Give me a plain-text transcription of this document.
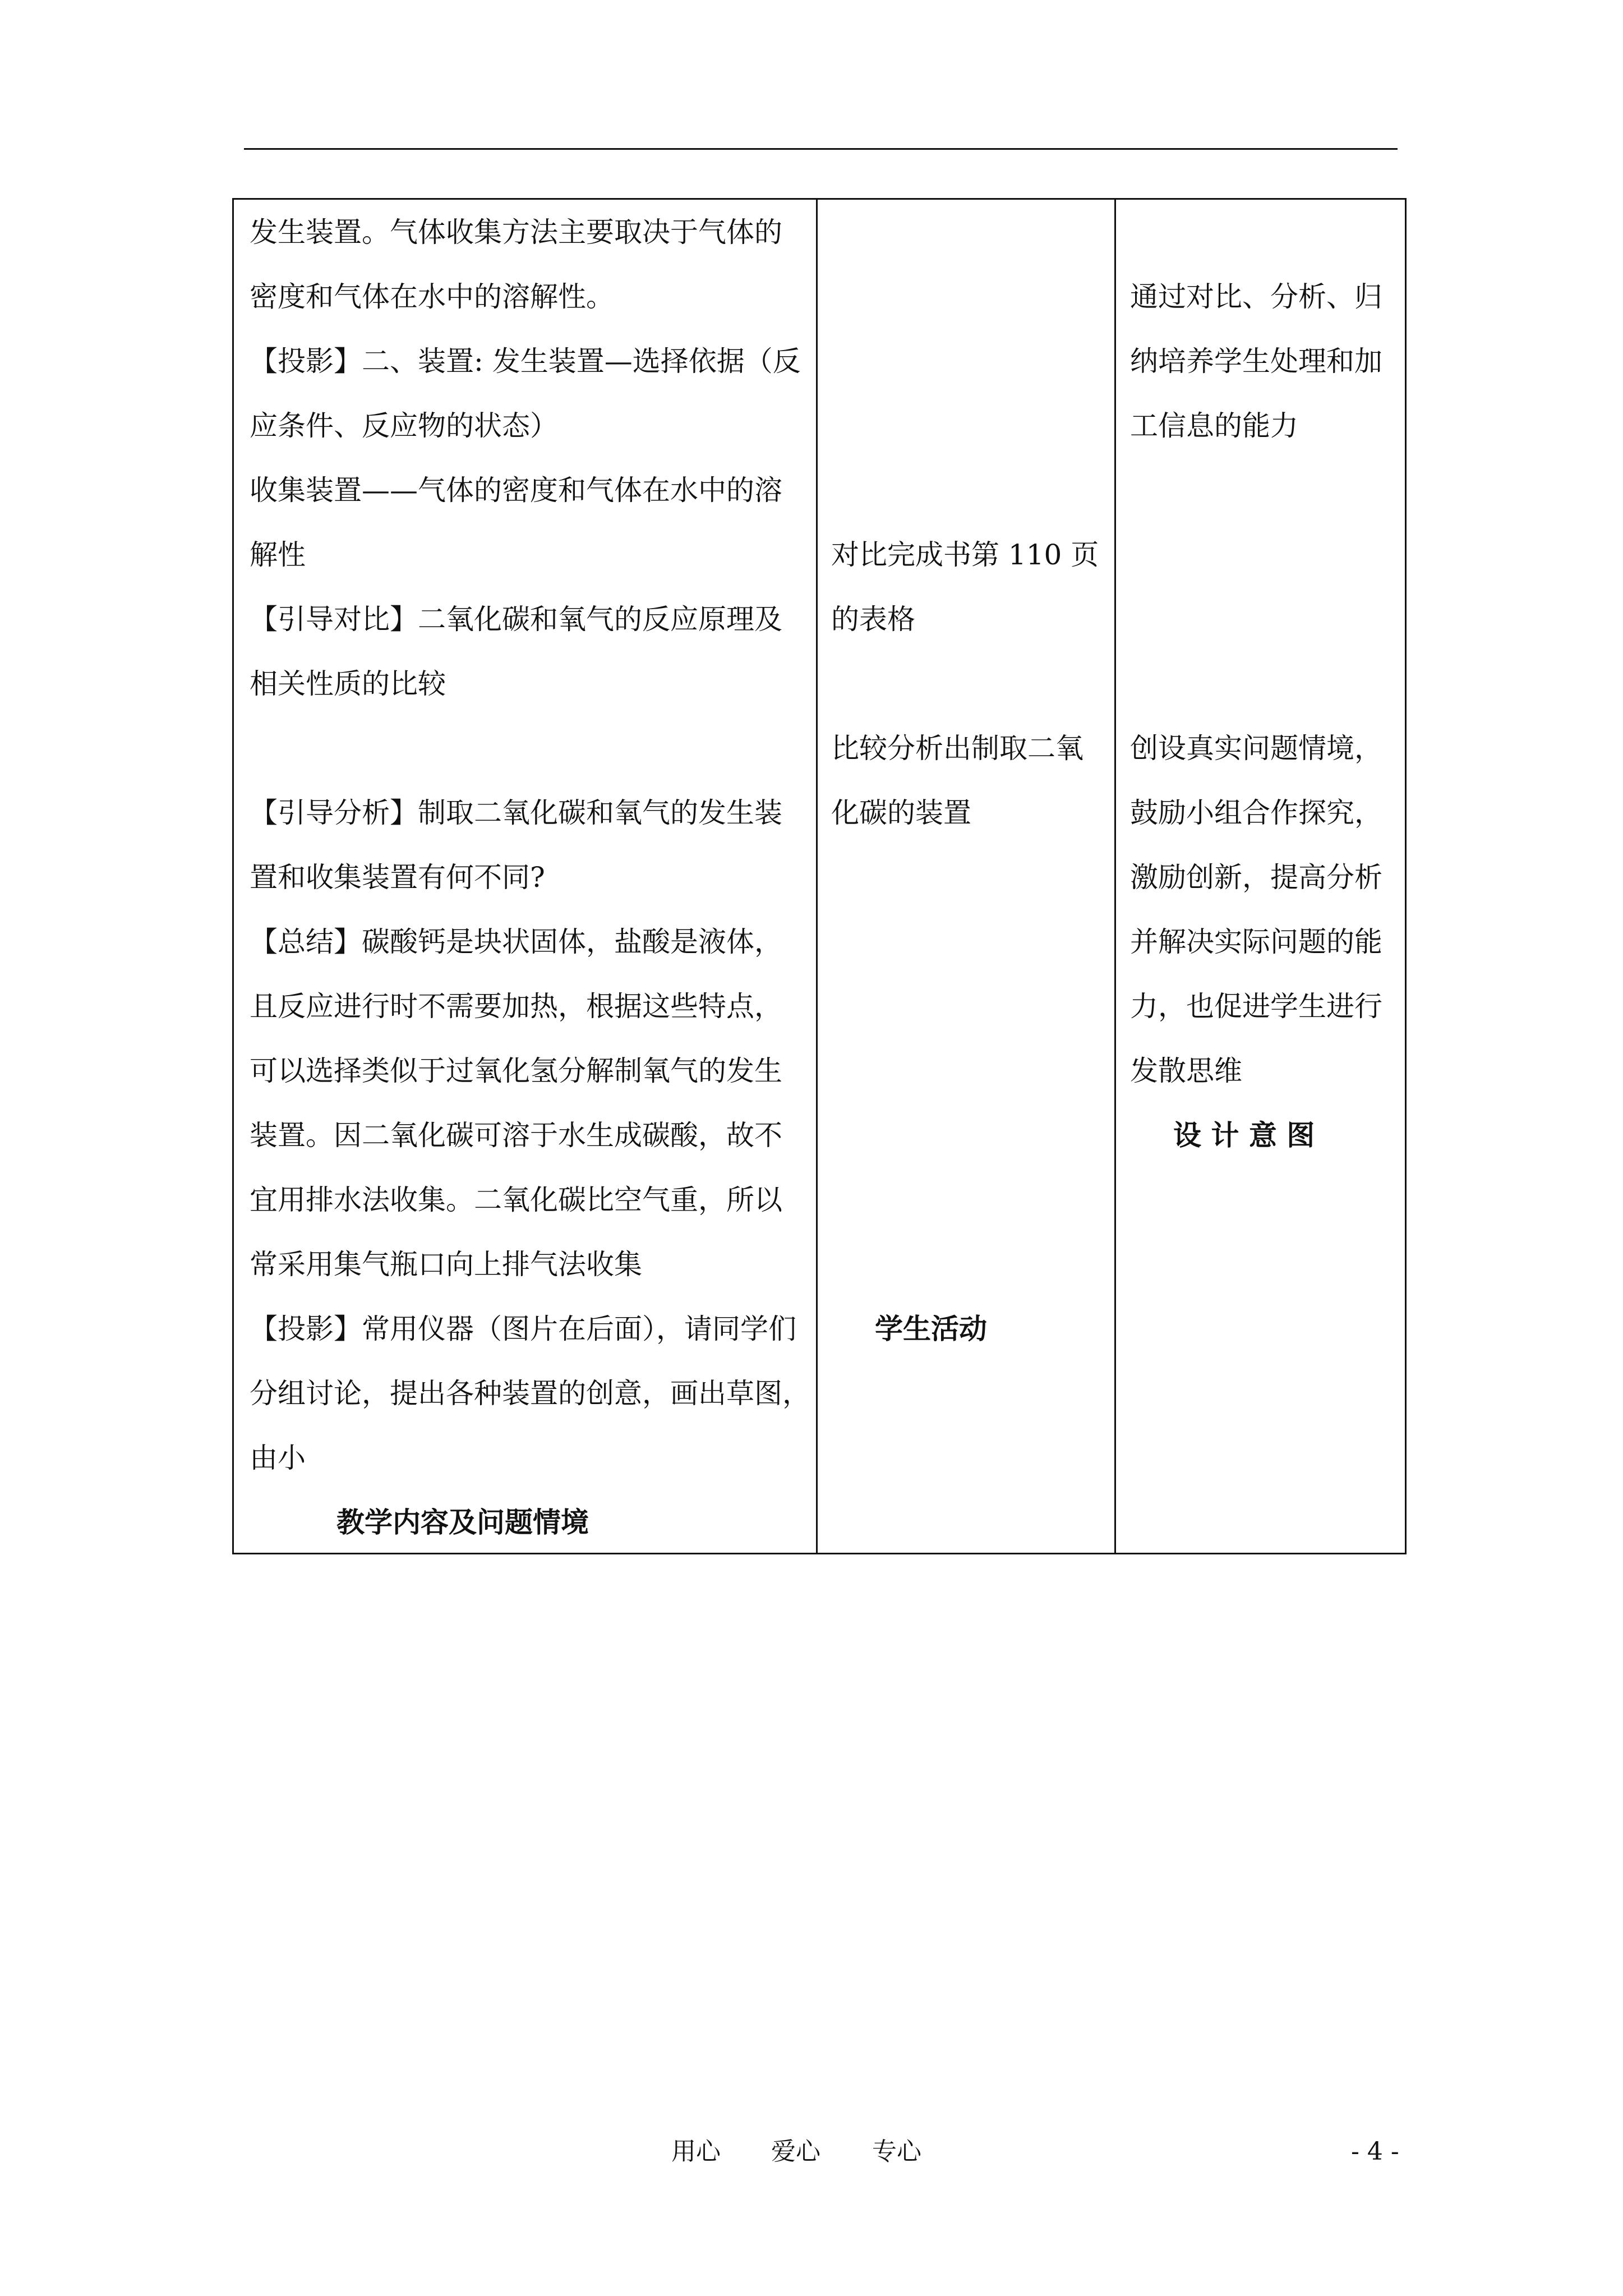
发生装置。气体收集方法主要取决于气体的
密度和气体在水中的溶解性。
【投影】二、装置: 发生装置—选择依据（反
应条件、反应物的状态）
收集装置——气体的密度和气体在水中的溶
解性
【引导对比】二氧化碳和氧气的反应原理及
相关性质的比较
【引导分析】制取二氧化碳和氧气的发生装
置和收集装置有何不同?
【总结】碳酸钙是块状固体，盐酸是液体，
且反应进行时不需要加热，根据这些特点，
可以选择类似于过氧化氢分解制氧气的发生
装置。因二氧化碳可溶于水生成碳酸，故不
宜用排水法收集。二氧化碳比空气重，所以
常采用集气瓶口向上排气法收集
【投影】常用仪器（图片在后面），请同学们
分组讨论，提出各种装置的创意，画出草图，
由小
教学内容及问题情境
对比完成书第 110 页
的表格
比较分析出制取二氧
化碳的装置
学生活动
通过对比、分析、归
纳培养学生处理和加
工信息的能力
创设真实问题情境，
鼓励小组合作探究，
激励创新，提高分析
并解决实际问题的能
力，也促进学生进行
发散思维
设 计 意 图
用心 爱心 专心	- 4 -
